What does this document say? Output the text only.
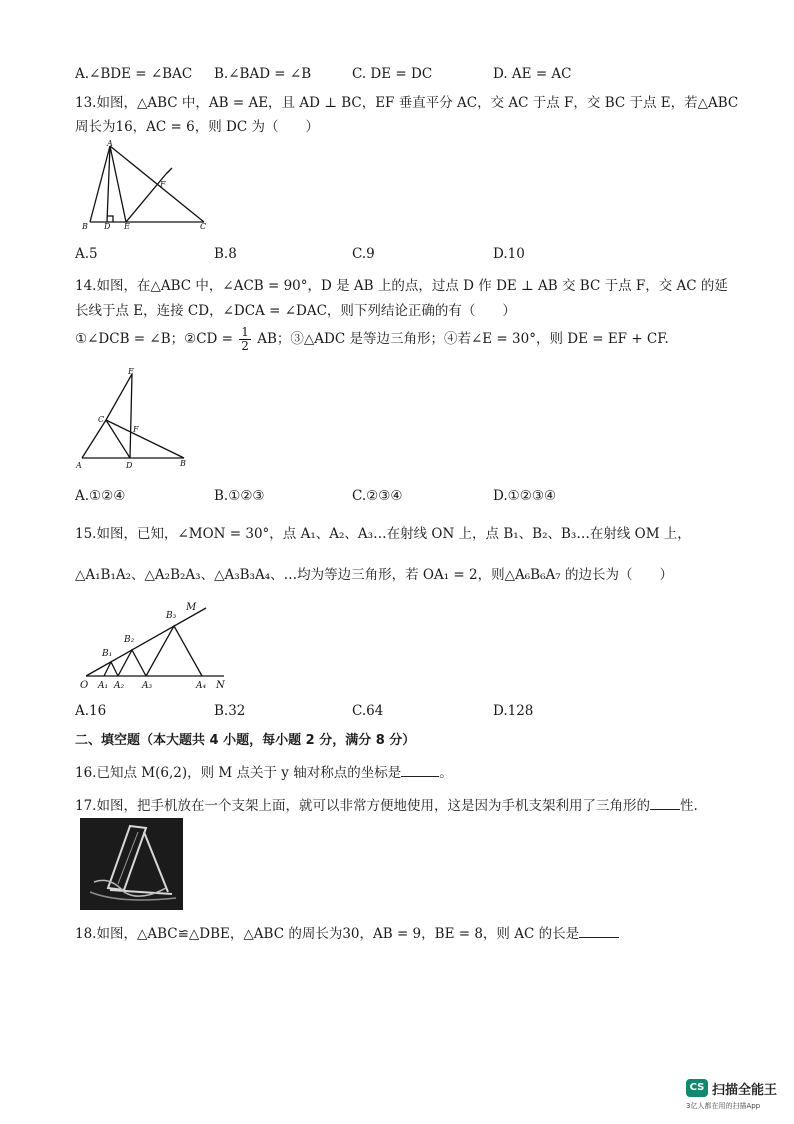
A.∠BDE = ∠BAC B.∠BAD = ∠B	C. DE = DC	D. AE = AC
13.如图，△ABC 中，AB = AE，且 AD ⊥ BC，EF 垂直平分 AC，交 AC 于点 F，交 BC 于点 E，若△ABC
周长为16，AC = 6，则 DC 为（　　）
A
B D E	C
F
A.5	B.8	C.9	D.10
14.如图，在△ABC 中，∠ACB = 90°，D 是 AB 上的点，过点 D 作 DE ⊥ AB 交 BC 于点 F，交 AC 的延
长线于点 E，连接 CD，∠DCA = ∠DAC，则下列结论正确的有（　　）
①∠DCB = ∠B；②CD = $\frac{1}{2}$ AB；③△ADC 是等边三角形；④若∠E = 30°，则 DE = EF + CF.
E
C
F
A	D	B
A.①②④	B.①②③	C.②③④	D.①②③④
15.如图，已知，∠MON = 30°，点 A₁、A₂、A₃…在射线 ON 上，点 B₁、B₂、B₃…在射线 OM 上，
△A₁B₁A₂、△A₂B₂A₃、△A₃B₃A₄、…均为等边三角形，若 OA₁ = 2，则△A₆B₆A₇ 的边长为（　　）
O A₁ A₂ A₃	A₄ N
B₁
B₂
B₃
M
A.16	B.32	C.64	D.128
二、填空题（本大题共 4 小题，每小题 2 分，满分 8 分）
16.已知点 M(6,2)，则 M 点关于 y 轴对称点的坐标是	。
17.如图，把手机放在一个支架上面，就可以非常方便地使用，这是因为手机支架利用了三角形的 性.
18.如图，△ABC≌△DBE，△ABC 的周长为30，AB = 9，BE = 8，则 AC 的长是
CS 扫描全能王
3亿人都在用的扫描App
